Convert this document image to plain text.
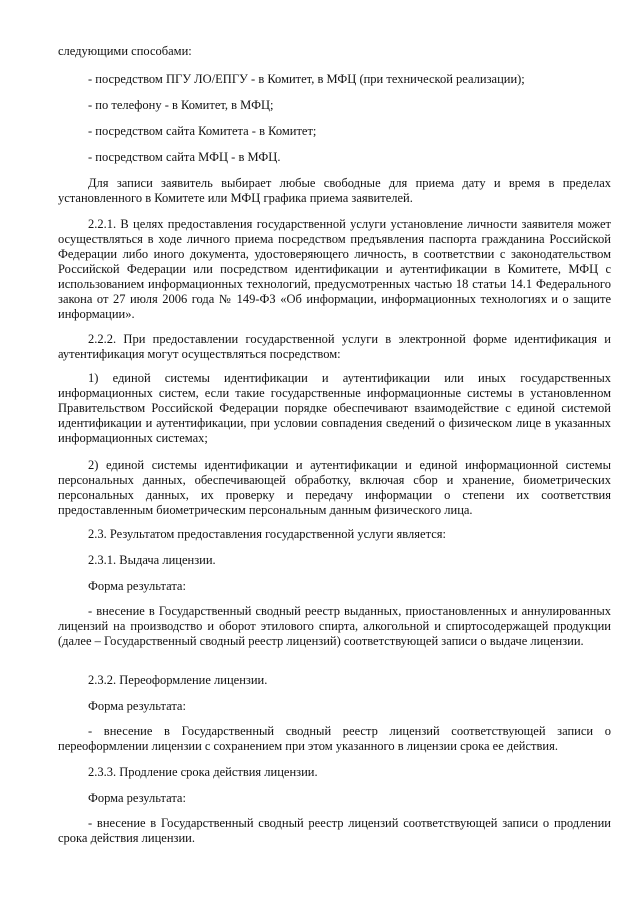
следующими способами:

- посредством ПГУ ЛО/ЕПГУ - в Комитет, в МФЦ (при технической реализации);

- по телефону - в Комитет, в МФЦ;

- посредством сайта Комитета - в Комитет;

- посредством сайта МФЦ - в МФЦ.

Для записи заявитель выбирает любые свободные для приема дату и время в пределах установленного в Комитете или МФЦ графика приема заявителей.

2.2.1. В целях предоставления государственной услуги установление личности заявителя может осуществляться в ходе личного приема посредством предъявления паспорта гражданина Российской Федерации либо иного документа, удостоверяющего личность, в соответствии с законодательством Российской Федерации или посредством идентификации и аутентификации в Комитете, МФЦ с использованием информационных технологий, предусмотренных частью 18 статьи 14.1 Федерального закона от 27 июля 2006 года № 149-ФЗ «Об информации, информационных технологиях и о защите информации».

2.2.2. При предоставлении государственной услуги в электронной форме идентификация и аутентификация могут осуществляться посредством:

1) единой системы идентификации и аутентификации или иных государственных информационных систем, если такие государственные информационные системы в установленном Правительством Российской Федерации порядке обеспечивают взаимодействие с единой системой идентификации и аутентификации, при условии совпадения сведений о физическом лице в указанных информационных системах;

2) единой системы идентификации и аутентификации и единой информационной системы персональных данных, обеспечивающей обработку, включая сбор и хранение, биометрических персональных данных, их проверку и передачу информации о степени их соответствия предоставленным биометрическим персональным данным физического лица.

2.3. Результатом предоставления государственной услуги является:

2.3.1. Выдача лицензии.

Форма результата:

- внесение в Государственный сводный реестр выданных, приостановленных и аннулированных лицензий на производство и оборот этилового спирта, алкогольной и спиртосодержащей продукции (далее – Государственный сводный реестр лицензий) соответствующей записи о выдаче лицензии.

2.3.2. Переоформление лицензии.

Форма результата:

- внесение в Государственный сводный реестр лицензий соответствующей записи о переоформлении лицензии с сохранением при этом указанного в лицензии срока ее действия.

2.3.3. Продление срока действия лицензии.

Форма результата:

- внесение в Государственный сводный реестр лицензий соответствующей записи о продлении срока действия лицензии.
